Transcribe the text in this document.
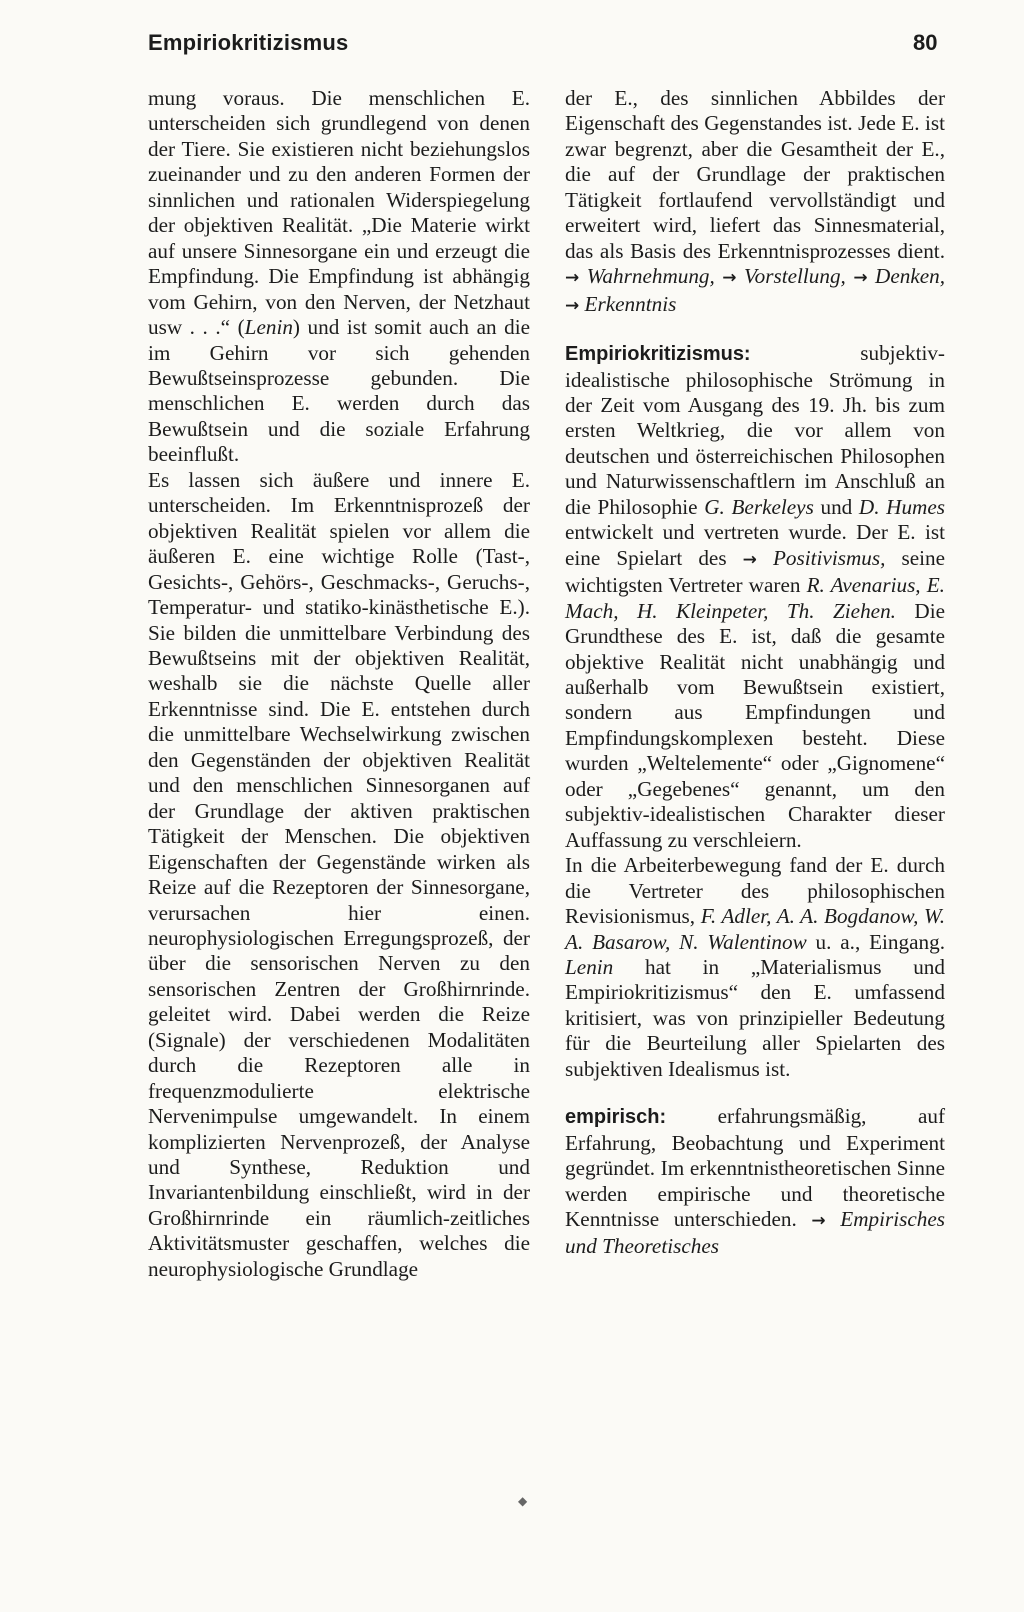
Empiriokritizismus	80

mung voraus. Die menschlichen E. unterscheiden sich grundlegend von denen der Tiere. Sie existieren nicht beziehungslos zueinander und zu den anderen Formen der sinnlichen und rationalen Widerspiegelung der objektiven Realität. „Die Materie wirkt auf unsere Sinnesorgane ein und erzeugt die Empfindung. Die Empfindung ist abhängig vom Gehirn, von den Nerven, der Netzhaut usw . . .“ (Lenin) und ist somit auch an die im Gehirn vor sich gehenden Bewußtseinsprozesse gebunden. Die menschlichen E. werden durch das Bewußtsein und die soziale Erfahrung beeinflußt.

Es lassen sich äußere und innere E. unterscheiden. Im Erkenntnisprozeß der objektiven Realität spielen vor allem die äußeren E. eine wichtige Rolle (Tast-, Gesichts-, Gehörs-, Geschmacks-, Geruchs-, Temperatur- und statiko-kinästhetische E.). Sie bilden die unmittelbare Verbindung des Bewußtseins mit der objektiven Realität, weshalb sie die nächste Quelle aller Erkenntnisse sind. Die E. entstehen durch die unmittelbare Wechselwirkung zwischen den Gegenständen der objektiven Realität und den menschlichen Sinnesorganen auf der Grundlage der aktiven praktischen Tätigkeit der Menschen. Die objektiven Eigenschaften der Gegenstände wirken als Reize auf die Rezeptoren der Sinnesorgane, verursachen hier einen. neurophysiologischen Erregungsprozeß, der über die sensorischen Nerven zu den sensorischen Zentren der Großhirnrinde. geleitet wird. Dabei werden die Reize (Signale) der verschiedenen Modalitäten durch die Rezeptoren alle in frequenzmodulierte elektrische Nervenimpulse umgewandelt. In einem komplizierten Nervenprozeß, der Analyse und Synthese, Reduktion und Invariantenbildung einschließt, wird in der Großhirnrinde ein räumlich-zeitliches Aktivitätsmuster geschaffen, welches die neurophysiologische Grundlage

der E., des sinnlichen Abbildes der Eigenschaft des Gegenstandes ist. Jede E. ist zwar begrenzt, aber die Gesamtheit der E., die auf der Grundlage der praktischen Tätigkeit fortlaufend vervollständigt und erweitert wird, liefert das Sinnesmaterial, das als Basis des Erkenntnisprozesses dient. → Wahrnehmung, → Vorstellung, → Denken, → Erkenntnis

Empiriokritizismus: subjektiv-idealistische philosophische Strömung in der Zeit vom Ausgang des 19. Jh. bis zum ersten Weltkrieg, die vor allem von deutschen und österreichischen Philosophen und Naturwissenschaftlern im Anschluß an die Philosophie G. Berkeleys und D. Humes entwickelt und vertreten wurde. Der E. ist eine Spielart des → Positivismus, seine wichtigsten Vertreter waren R. Avenarius, E. Mach, H. Kleinpeter, Th. Ziehen. Die Grundthese des E. ist, daß die gesamte objektive Realität nicht unabhängig und außerhalb vom Bewußtsein existiert, sondern aus Empfindungen und Empfindungskomplexen besteht. Diese wurden „Weltelemente“ oder „Gignomene“ oder „Gegebenes“ genannt, um den subjektiv-idealistischen Charakter dieser Auffassung zu verschleiern.

In die Arbeiterbewegung fand der E. durch die Vertreter des philosophischen Revisionismus, F. Adler, A. A. Bogdanow, W. A. Basarow, N. Walentinow u. a., Eingang. Lenin hat in „Materialismus und Empiriokritizismus“ den E. umfassend kritisiert, was von prinzipieller Bedeutung für die Beurteilung aller Spielarten des subjektiven Idealismus ist.

empirisch: erfahrungsmäßig, auf Erfahrung, Beobachtung und Experiment gegründet. Im erkenntnistheoretischen Sinne werden empirische und theoretische Kenntnisse unterschieden. → Empirisches und Theoretisches

◆
